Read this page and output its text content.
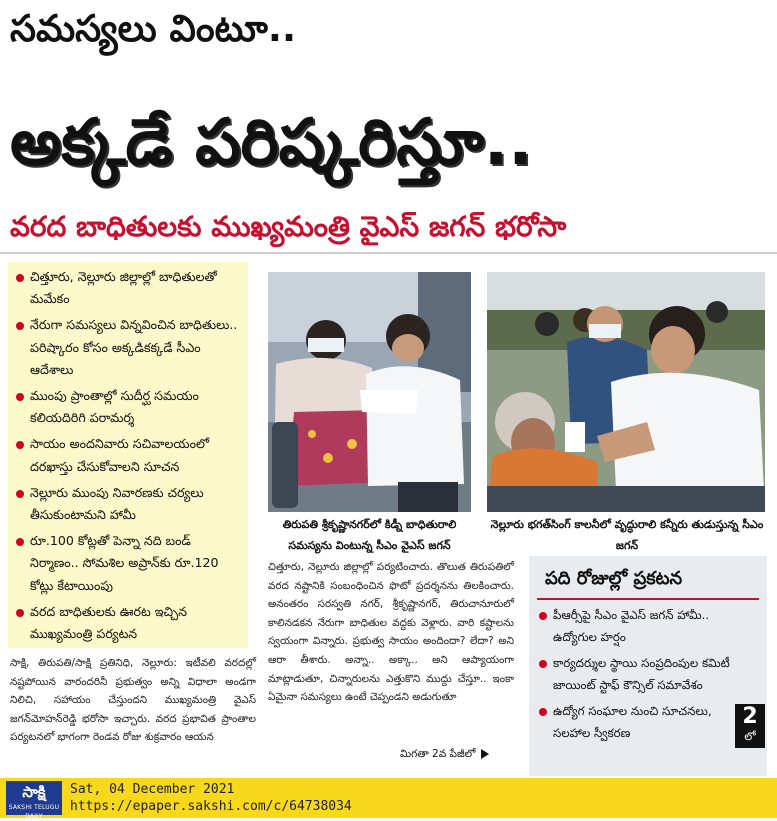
సమస్యలు వింటూ..
అక్కడే పరిష్కరిస్తూ..
వరద బాధితులకు ముఖ్యమంత్రి వైఎస్‌ జగన్‌ భరోసా
చిత్తూరు, నెల్లూరు జిల్లాల్లో బాధితులతో మమేకం
నేరుగా సమస్యలు విన్నవించిన బాధితులు.. పరిష్కారం కోసం అక్కడికక్కడే సీఎం ఆదేశాలు
ముంపు ప్రాంతాల్లో సుదీర్ఘ సమయం కలియదిరిగి పరామర్శ
సాయం అందనివారు సచివాలయంలో దరఖాస్తు చేసుకోవాలని సూచన
నెల్లూరు ముంపు నివారణకు చర్యలు తీసుకుంటామని హామీ
రూ.100 కోట్లతో పెన్నా నది బండ్‌ నిర్మాణం.. సోమశిల అప్రాన్‌కు రూ.120 కోట్లు కేటాయింపు
వరద బాధితులకు ఊరట ఇచ్చిన ముఖ్యమంత్రి పర్యటన
తిరుపతి శ్రీకృష్ణానగర్‌లో కిడ్నీ బాధితురాలి సమస్యను వింటున్న సీఎం వైఎస్‌ జగన్‌
నెల్లూరు భగత్‌సింగ్‌ కాలనీలో వృద్ధురాలి కన్నీరు తుడుస్తున్న సీఎం జగన్‌
సాక్షి, తిరుపతి/సాక్షి ప్రతినిధి, నెల్లూరు: ఇటీవలి వరదల్లో నష్టపోయిన వారందరినీ ప్రభుత్వం అన్ని విధాలా అండగా నిలిచి, సహాయం చేస్తుందని ముఖ్యమంత్రి వైఎస్‌ జగన్‌మోహన్‌రెడ్డి భరోసా ఇచ్చారు. వరద ప్రభావిత ప్రాంతాల పర్యటనలో భాగంగా రెండవ రోజు శుక్రవారం ఆయన
చిత్తూరు, నెల్లూరు జిల్లాల్లో పర్యటించారు. తొలుత తిరుపతిలో వరద నష్టానికి సంబంధించిన ఫొటో ప్రదర్శనను తిలకించారు. అనంతరం సరస్వతి నగర్, శ్రీకృష్ణానగర్, తిరుచానూరులో కాలినడకన నేరుగా బాధితుల వద్దకు వెళ్లారు. వారి కష్టాలను స్వయంగా విన్నారు. ప్రభుత్వ సాయం అందిందా? లేదా? అని ఆరా తీశారు. అన్నా.. అక్కా.. అని ఆప్యాయంగా మాట్లాడుతూ, చిన్నారులను ఎత్తుకొని ముద్దు చేస్తూ.. ఇంకా ఏమైనా సమస్యలు ఉంటే చెప్పండని అడుగుతూ
మిగతా 2వ పేజీలో
పది రోజుల్లో ప్రకటన
పీఆర్సీపై సీఎం వైఎస్‌ జగన్‌ హామీ.. ఉద్యోగుల హర్షం
కార్యదర్శుల స్థాయి సంప్రదింపుల కమిటీ జాయింట్‌ స్టాఫ్‌ కౌన్సిల్‌ సమావేశం
ఉద్యోగ సంఘాల నుంచి సూచనలు, సలహాల స్వీకరణ
2
లో
సాక్షి
SAKSHI TELUGU DAILY
Sat, 04 December 2021
https://epaper.sakshi.com/c/64738034
